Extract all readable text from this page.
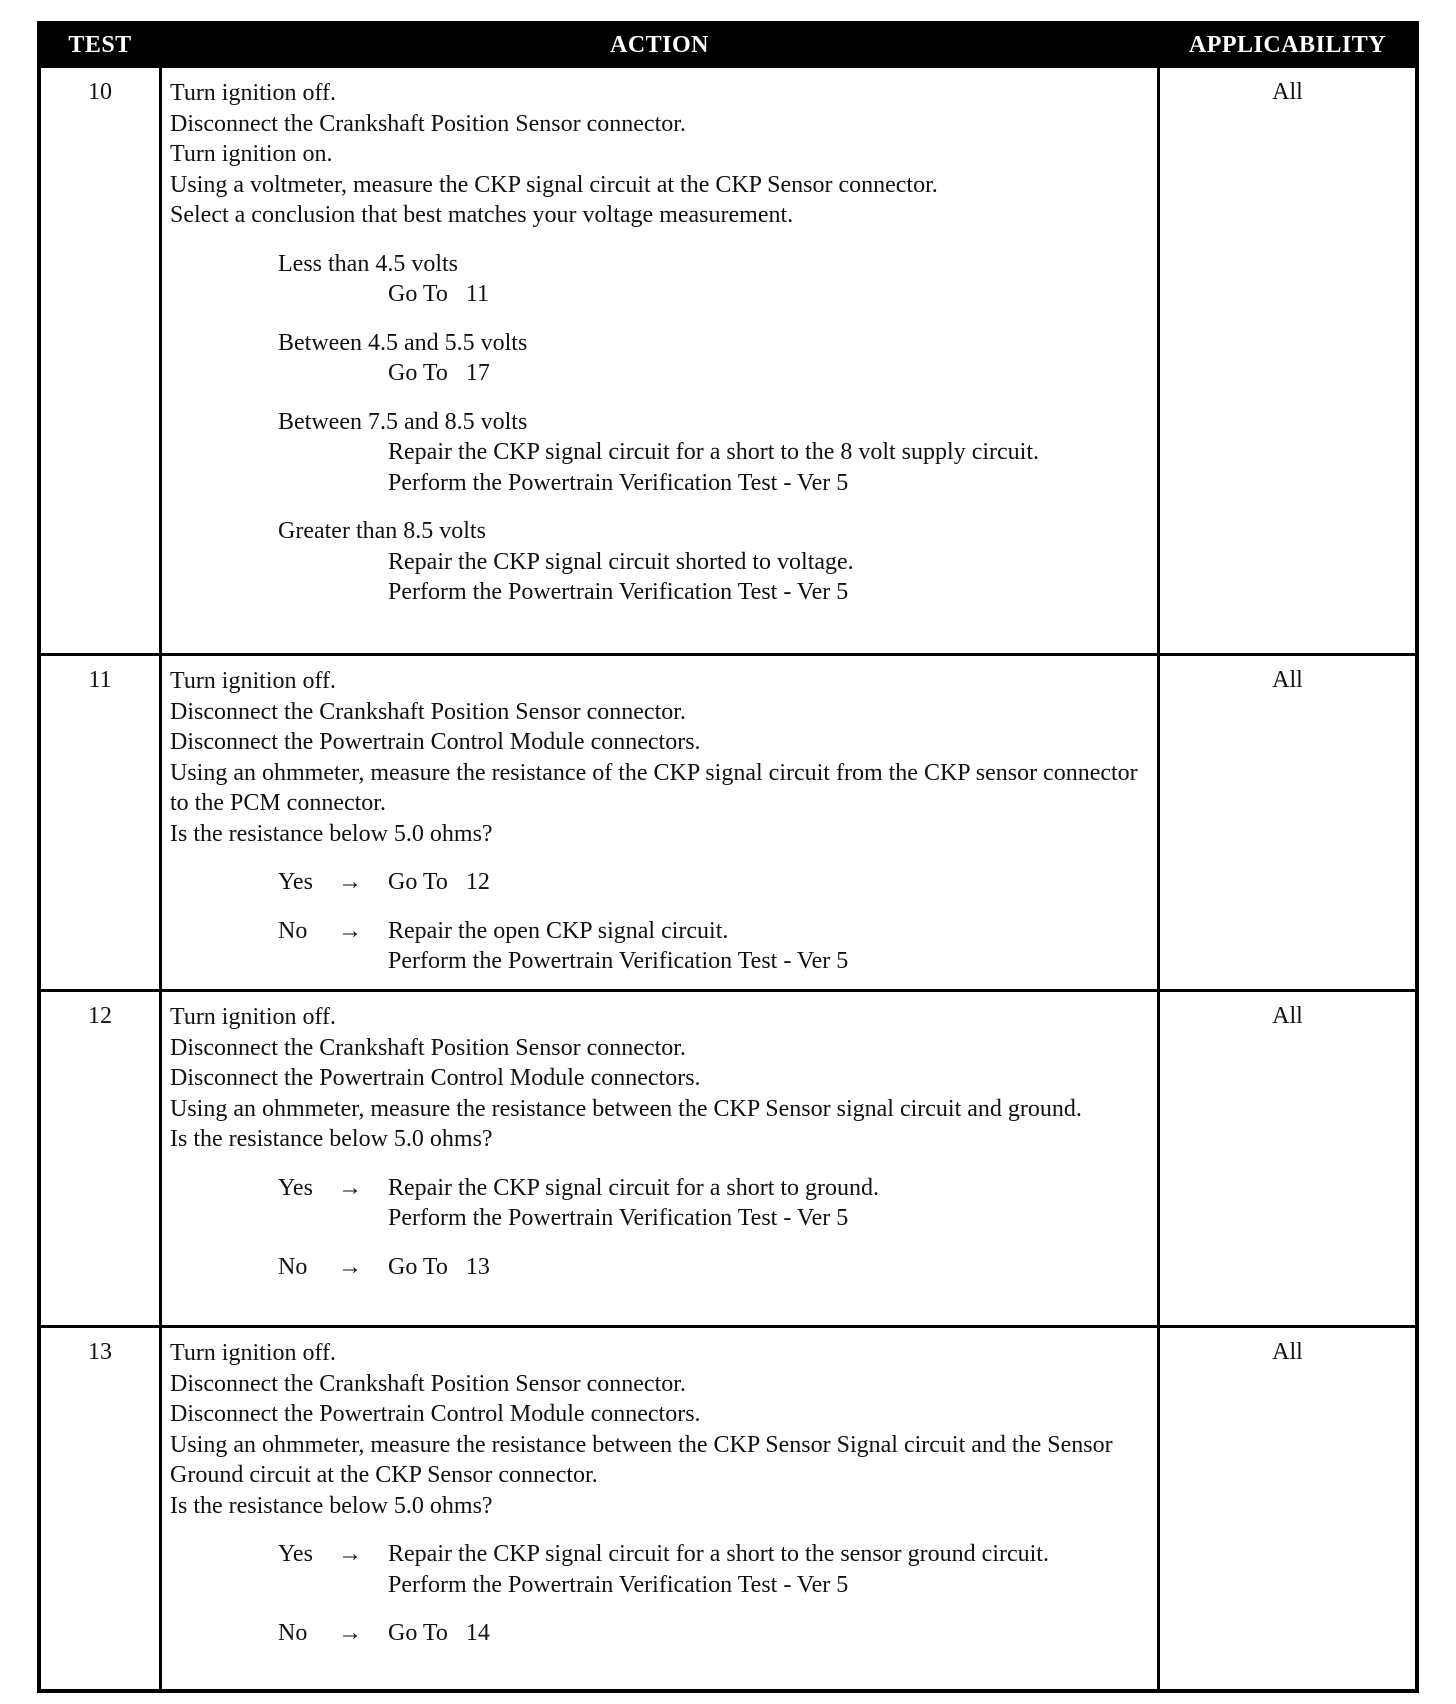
TEST	ACTION	APPLICABILITY
10	Turn ignition off.
Disconnect the Crankshaft Position Sensor connector.
Turn ignition on.
Using a voltmeter, measure the CKP signal circuit at the CKP Sensor connector.
Select a conclusion that best matches your voltage measurement.
Less than 4.5 volts
Go To   11
Between 4.5 and 5.5 volts
Go To   17
Between 7.5 and 8.5 volts
Repair the CKP signal circuit for a short to the 8 volt supply circuit.
Perform the Powertrain Verification Test - Ver 5
Greater than 8.5 volts
Repair the CKP signal circuit shorted to voltage.
Perform the Powertrain Verification Test - Ver 5
All
11	Turn ignition off.
Disconnect the Crankshaft Position Sensor connector.
Disconnect the Powertrain Control Module connectors.
Using an ohmmeter, measure the resistance of the CKP signal circuit from the CKP sensor connector to the PCM connector.
Is the resistance below 5.0 ohms?
Yes	→	Go To   12
No	→	Repair the open CKP signal circuit.
Perform the Powertrain Verification Test - Ver 5
All
12	Turn ignition off.
Disconnect the Crankshaft Position Sensor connector.
Disconnect the Powertrain Control Module connectors.
Using an ohmmeter, measure the resistance between the CKP Sensor signal circuit and ground.
Is the resistance below 5.0 ohms?
Yes	→	Repair the CKP signal circuit for a short to ground.
Perform the Powertrain Verification Test - Ver 5
No	→	Go To   13
All
13	Turn ignition off.
Disconnect the Crankshaft Position Sensor connector.
Disconnect the Powertrain Control Module connectors.
Using an ohmmeter, measure the resistance between the CKP Sensor Signal circuit and the Sensor Ground circuit at the CKP Sensor connector.
Is the resistance below 5.0 ohms?
Yes	→	Repair the CKP signal circuit for a short to the sensor ground circuit.
Perform the Powertrain Verification Test - Ver 5
No	→	Go To   14
All
